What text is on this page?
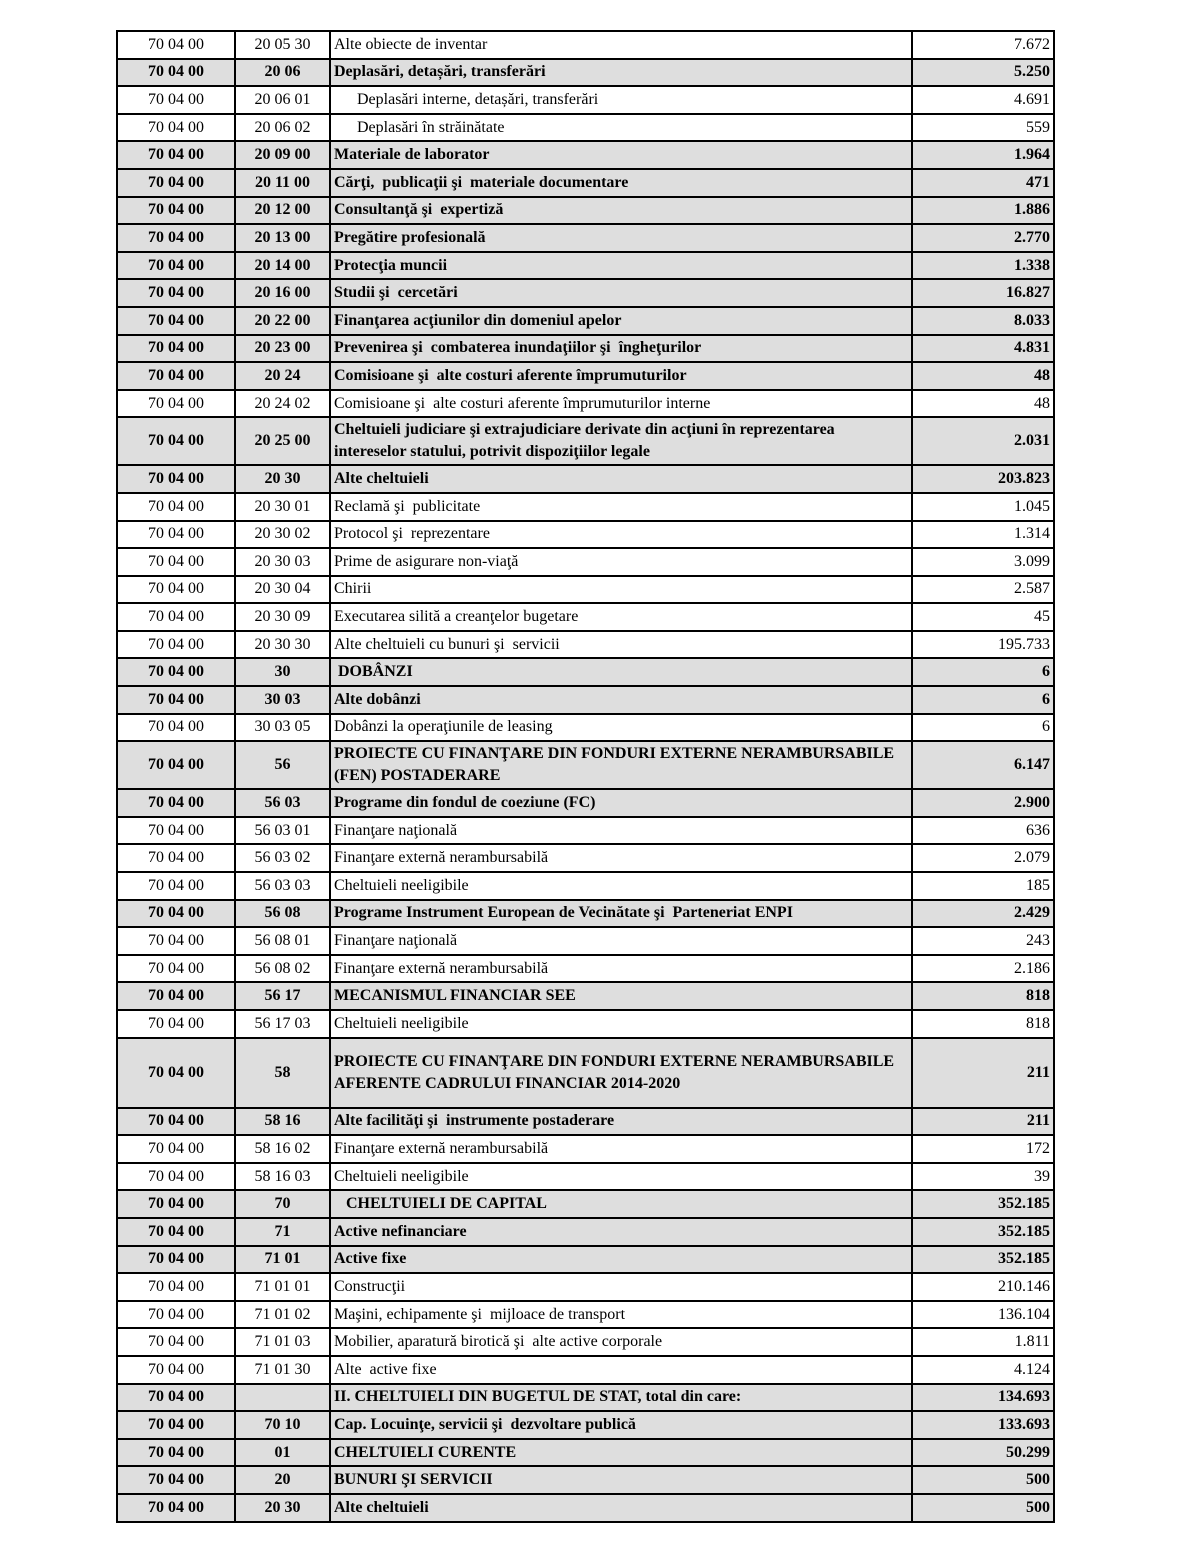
70 04 00	20 05 30	Alte obiecte de inventar	7.672
70 04 00	20 06	Deplasări, detașări, transferări	5.250
70 04 00	20 06 01	Deplasări interne, detașări, transferări	4.691
70 04 00	20 06 02	Deplasări în străinătate	559
70 04 00	20 09 00	Materiale de laborator	1.964
70 04 00	20 11 00	Cărţi,  publicaţii şi  materiale documentare	471
70 04 00	20 12 00	Consultanţă şi  expertiză	1.886
70 04 00	20 13 00	Pregătire profesională	2.770
70 04 00	20 14 00	Protecţia muncii	1.338
70 04 00	20 16 00	Studii şi  cercetări	16.827
70 04 00	20 22 00	Finanţarea acţiunilor din domeniul apelor	8.033
70 04 00	20 23 00	Prevenirea şi  combaterea inundaţiilor şi  îngheţurilor	4.831
70 04 00	20 24	Comisioane şi  alte costuri aferente împrumuturilor	48
70 04 00	20 24 02	Comisioane şi  alte costuri aferente împrumuturilor interne	48
70 04 00	20 25 00	Cheltuieli judiciare şi extrajudiciare derivate din acţiuni în reprezentarea intereselor statului, potrivit dispoziţiilor legale	2.031
70 04 00	20 30	Alte cheltuieli	203.823
70 04 00	20 30 01	Reclamă şi  publicitate	1.045
70 04 00	20 30 02	Protocol şi  reprezentare	1.314
70 04 00	20 30 03	Prime de asigurare non-viaţă	3.099
70 04 00	20 30 04	Chirii	2.587
70 04 00	20 30 09	Executarea silită a creanţelor bugetare	45
70 04 00	20 30 30	Alte cheltuieli cu bunuri şi  servicii	195.733
70 04 00	30	DOBÂNZI	6
70 04 00	30 03	Alte dobânzi	6
70 04 00	30 03 05	Dobânzi la operaţiunile de leasing	6
70 04 00	56	PROIECTE CU FINANŢARE DIN FONDURI EXTERNE NERAMBURSABILE (FEN) POSTADERARE	6.147
70 04 00	56 03	Programe din fondul de coeziune (FC)	2.900
70 04 00	56 03 01	Finanţare naţională	636
70 04 00	56 03 02	Finanţare externă nerambursabilă	2.079
70 04 00	56 03 03	Cheltuieli neeligibile	185
70 04 00	56 08	Programe Instrument European de Vecinătate şi  Parteneriat ENPI	2.429
70 04 00	56 08 01	Finanţare naţională	243
70 04 00	56 08 02	Finanţare externă nerambursabilă	2.186
70 04 00	56 17	MECANISMUL FINANCIAR SEE	818
70 04 00	56 17 03	Cheltuieli neeligibile	818
70 04 00	58	PROIECTE CU FINANŢARE DIN FONDURI EXTERNE NERAMBURSABILE AFERENTE CADRULUI FINANCIAR 2014-2020	211
70 04 00	58 16	Alte facilităţi şi  instrumente postaderare	211
70 04 00	58 16 02	Finanţare externă nerambursabilă	172
70 04 00	58 16 03	Cheltuieli neeligibile	39
70 04 00	70	CHELTUIELI DE CAPITAL	352.185
70 04 00	71	Active nefinanciare	352.185
70 04 00	71 01	Active fixe	352.185
70 04 00	71 01 01	Construcţii	210.146
70 04 00	71 01 02	Maşini, echipamente şi  mijloace de transport	136.104
70 04 00	71 01 03	Mobilier, aparatură birotică şi  alte active corporale	1.811
70 04 00	71 01 30	Alte  active fixe	4.124
70 04 00		II. CHELTUIELI DIN BUGETUL DE STAT, total din care:	134.693
70 04 00	70 10	Cap. Locuinţe, servicii şi  dezvoltare publică	133.693
70 04 00	01	CHELTUIELI CURENTE	50.299
70 04 00	20	BUNURI ŞI SERVICII	500
70 04 00	20 30	Alte cheltuieli	500
